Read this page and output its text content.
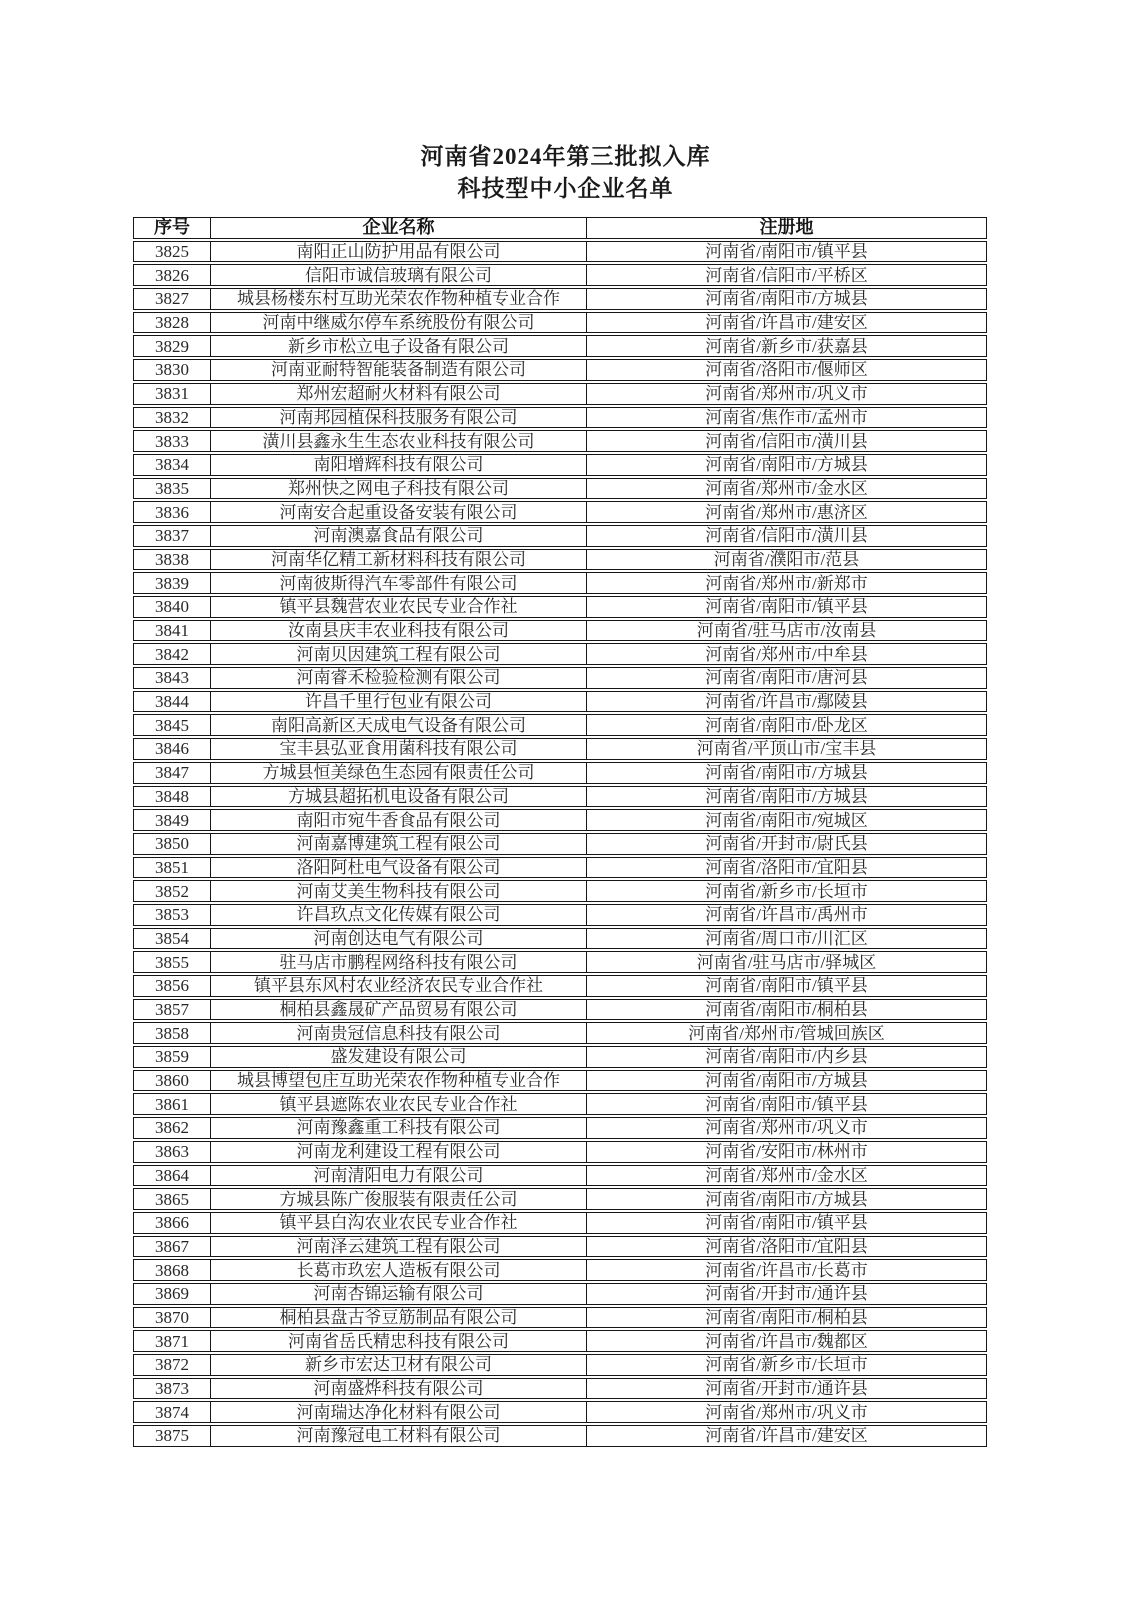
河南省2024年第三批拟入库
科技型中小企业名单
序号	企业名称	注册地
3825	南阳正山防护用品有限公司	河南省/南阳市/镇平县
3826	信阳市诚信玻璃有限公司	河南省/信阳市/平桥区
3827	城县杨楼东村互助光荣农作物种植专业合作	河南省/南阳市/方城县
3828	河南中继威尔停车系统股份有限公司	河南省/许昌市/建安区
3829	新乡市松立电子设备有限公司	河南省/新乡市/获嘉县
3830	河南亚耐特智能装备制造有限公司	河南省/洛阳市/偃师区
3831	郑州宏超耐火材料有限公司	河南省/郑州市/巩义市
3832	河南邦园植保科技服务有限公司	河南省/焦作市/孟州市
3833	潢川县鑫永生生态农业科技有限公司	河南省/信阳市/潢川县
3834	南阳增辉科技有限公司	河南省/南阳市/方城县
3835	郑州快之网电子科技有限公司	河南省/郑州市/金水区
3836	河南安合起重设备安装有限公司	河南省/郑州市/惠济区
3837	河南澳嘉食品有限公司	河南省/信阳市/潢川县
3838	河南华亿精工新材料科技有限公司	河南省/濮阳市/范县
3839	河南彼斯得汽车零部件有限公司	河南省/郑州市/新郑市
3840	镇平县魏营农业农民专业合作社	河南省/南阳市/镇平县
3841	汝南县庆丰农业科技有限公司	河南省/驻马店市/汝南县
3842	河南贝因建筑工程有限公司	河南省/郑州市/中牟县
3843	河南睿禾检验检测有限公司	河南省/南阳市/唐河县
3844	许昌千里行包业有限公司	河南省/许昌市/鄢陵县
3845	南阳高新区天成电气设备有限公司	河南省/南阳市/卧龙区
3846	宝丰县弘亚食用菌科技有限公司	河南省/平顶山市/宝丰县
3847	方城县恒美绿色生态园有限责任公司	河南省/南阳市/方城县
3848	方城县超拓机电设备有限公司	河南省/南阳市/方城县
3849	南阳市宛牛香食品有限公司	河南省/南阳市/宛城区
3850	河南嘉博建筑工程有限公司	河南省/开封市/尉氏县
3851	洛阳阿杜电气设备有限公司	河南省/洛阳市/宜阳县
3852	河南艾美生物科技有限公司	河南省/新乡市/长垣市
3853	许昌玖点文化传媒有限公司	河南省/许昌市/禹州市
3854	河南创达电气有限公司	河南省/周口市/川汇区
3855	驻马店市鹏程网络科技有限公司	河南省/驻马店市/驿城区
3856	镇平县东风村农业经济农民专业合作社	河南省/南阳市/镇平县
3857	桐柏县鑫晟矿产品贸易有限公司	河南省/南阳市/桐柏县
3858	河南贵冠信息科技有限公司	河南省/郑州市/管城回族区
3859	盛发建设有限公司	河南省/南阳市/内乡县
3860	城县博望包庄互助光荣农作物种植专业合作	河南省/南阳市/方城县
3861	镇平县遮陈农业农民专业合作社	河南省/南阳市/镇平县
3862	河南豫鑫重工科技有限公司	河南省/郑州市/巩义市
3863	河南龙利建设工程有限公司	河南省/安阳市/林州市
3864	河南清阳电力有限公司	河南省/郑州市/金水区
3865	方城县陈广俊服装有限责任公司	河南省/南阳市/方城县
3866	镇平县白沟农业农民专业合作社	河南省/南阳市/镇平县
3867	河南泽云建筑工程有限公司	河南省/洛阳市/宜阳县
3868	长葛市玖宏人造板有限公司	河南省/许昌市/长葛市
3869	河南杏锦运输有限公司	河南省/开封市/通许县
3870	桐柏县盘古爷豆筋制品有限公司	河南省/南阳市/桐柏县
3871	河南省岳氏精忠科技有限公司	河南省/许昌市/魏都区
3872	新乡市宏达卫材有限公司	河南省/新乡市/长垣市
3873	河南盛烨科技有限公司	河南省/开封市/通许县
3874	河南瑞达净化材料有限公司	河南省/郑州市/巩义市
3875	河南豫冠电工材料有限公司	河南省/许昌市/建安区
